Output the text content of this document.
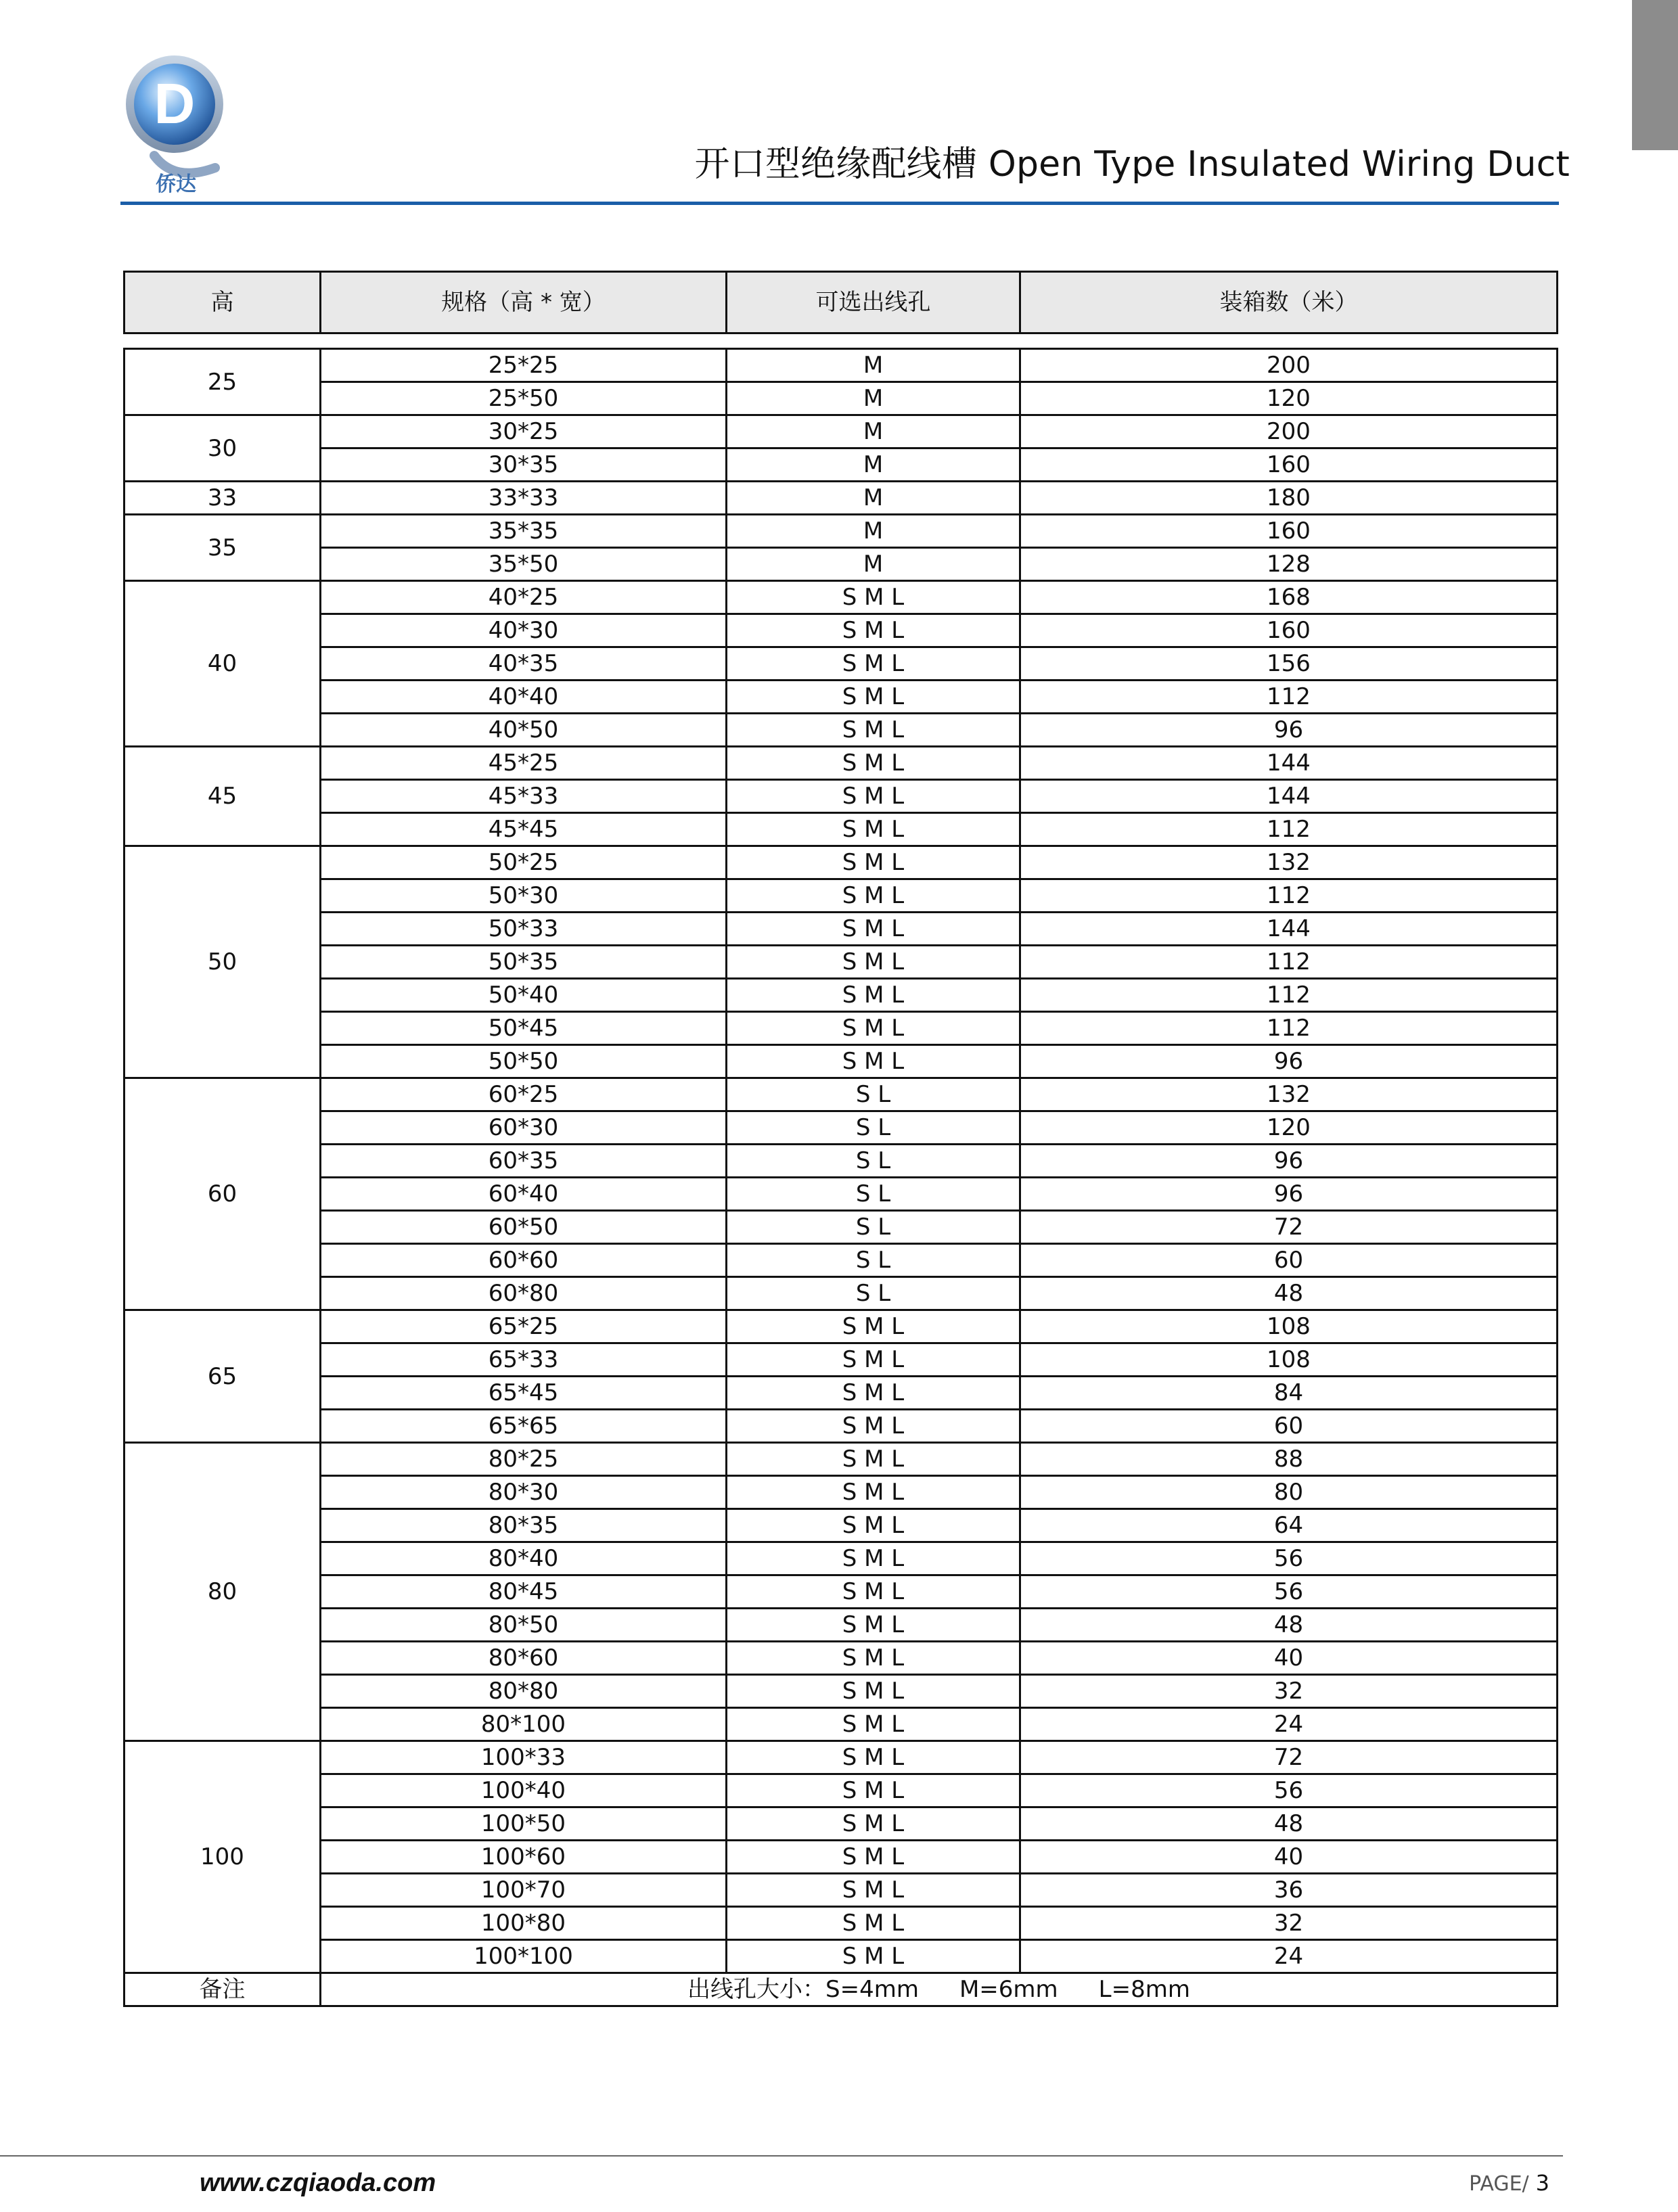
D
侨达	开口型绝缘配线槽 Open Type Insulated Wiring Duct
高	规格（高 * 宽）	可选出线孔	装箱数（米）

25	25*25	M	200
	25*50	M	120
30	30*25	M	200
	30*35	M	160
33	33*33	M	180
35	35*35	M	160
	35*50	M	128
40	40*25	S M L	168
	40*30	S M L	160
	40*35	S M L	156
	40*40	S M L	112
	40*50	S M L	96
45	45*25	S M L	144
	45*33	S M L	144
	45*45	S M L	112
50	50*25	S M L	132
	50*30	S M L	112
	50*33	S M L	144
	50*35	S M L	112
	50*40	S M L	112
	50*45	S M L	112
	50*50	S M L	96
60	60*25	S L	132
	60*30	S L	120
	60*35	S L	96
	60*40	S L	96
	60*50	S L	72
	60*60	S L	60
	60*80	S L	48
65	65*25	S M L	108
	65*33	S M L	108
	65*45	S M L	84
	65*65	S M L	60
80	80*25	S M L	88
	80*30	S M L	80
	80*35	S M L	64
	80*40	S M L	56
	80*45	S M L	56
	80*50	S M L	48
	80*60	S M L	40
	80*80	S M L	32
	80*100	S M L	24
100	100*33	S M L	72
	100*40	S M L	56
	100*50	S M L	48
	100*60	S M L	40
	100*70	S M L	36
	100*80	S M L	32
	100*100	S M L	24
备注	出线孔大小：S=4mm M=6mm L=8mm		
www.czqiaoda.com	PAGE/ 3
